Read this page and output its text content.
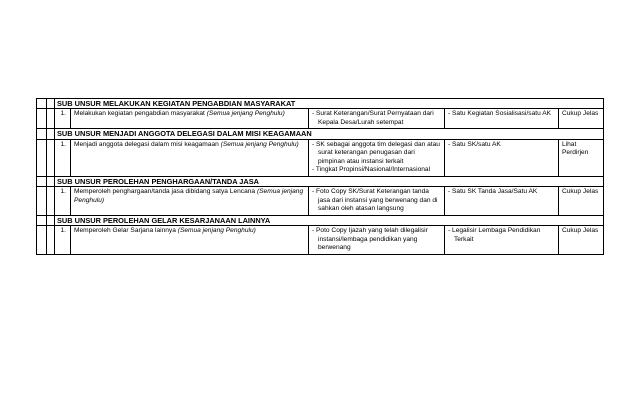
		SUB UNSUR MELAKUKAN KEGIATAN PENGABDIAN MASYARAKAT				
		1.	Melakukan kegiatan pengabdian masyarakat (Semua jenjang Penghulu)	- Surat Keterangan/Surat Pernyataan dari Kepala Desa/Lurah setempat	- Satu Kegiatan Sosialisasi/satu AK	Cukup Jelas
		SUB UNSUR MENJADI ANGGOTA DELEGASI DALAM MISI KEAGAMAAN				
		1.	Menjadi anggota delegasi dalam misi keagamaan (Semua jenjang Penghulu)	- SK sebagai anggota tim delegasi dan atau surat keterangan penugasan dari pimpinan atau instansi terkait
- Tingkat Propinsi/Nasional/Internasional	- Satu SK/satu AK	Lihat Perdirjen
		SUB UNSUR PEROLEHAN PENGHARGAAN/TANDA JASA				
		1.	Memperoleh penghargaan/tanda jasa dibidang satya Lencana (Semua jenjang Penghulu)	- Foto Copy SK/Surat Keterangan tanda jasa dari instansi yang berwenang dan di sahkan oleh atasan langsung	- Satu SK Tanda Jasa/Satu AK	Cukup Jelas
		SUB UNSUR PEROLEHAN GELAR KESARJANAAN LAINNYA				
		1.	Memperoleh Gelar Sarjana lainnya (Semua jenjang Penghulu)	- Poto Copy Ijazah yang telah dilegalisir instansi/lembaga pendidikan yang berwenang	- Legalisir Lembaga Pendidikan Terkait	Cukup Jelas
